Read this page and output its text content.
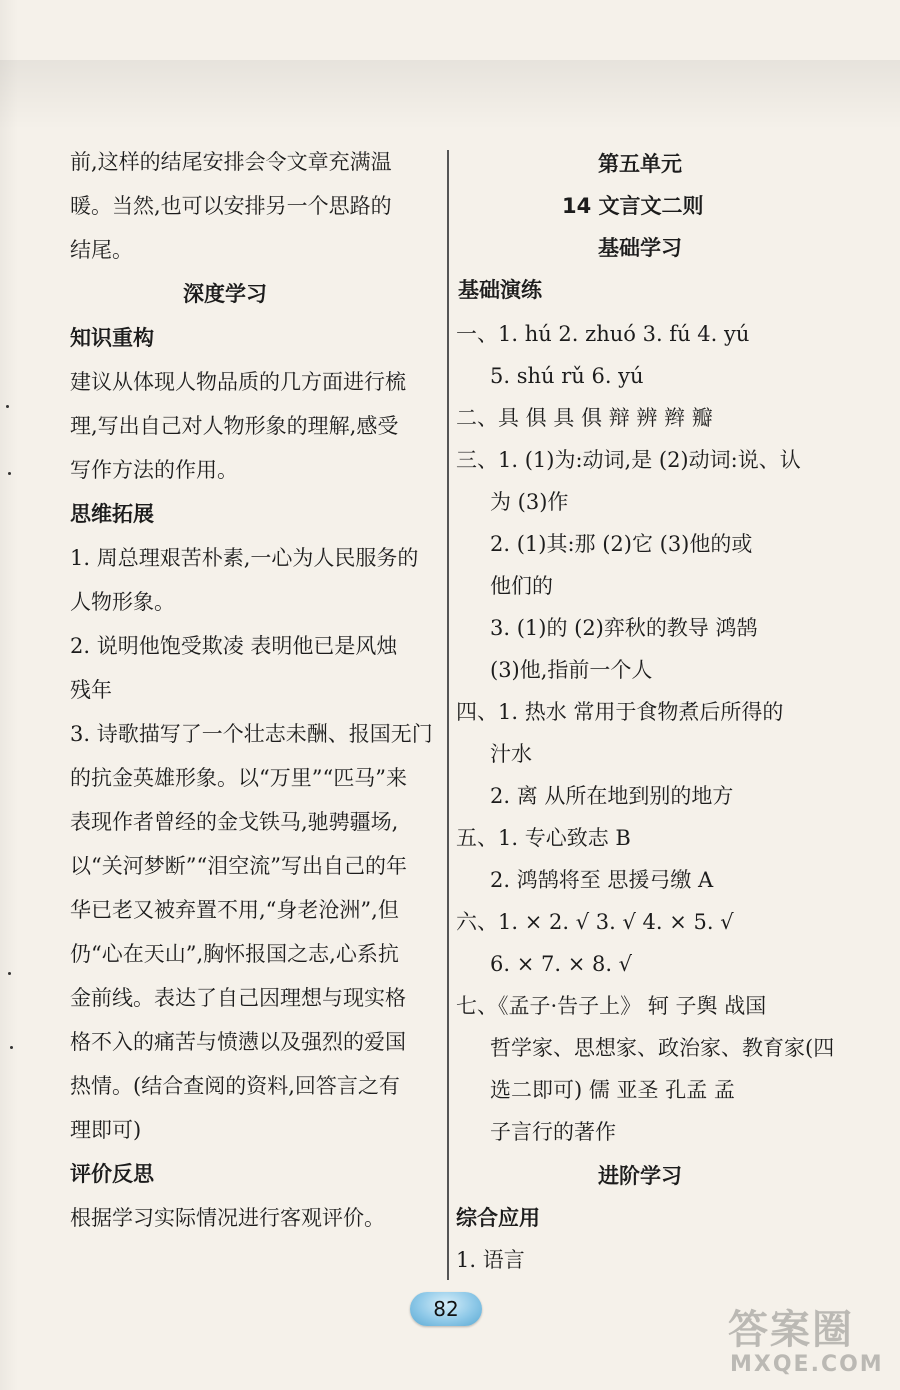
前,这样的结尾安排会令文章充满温
暖。当然,也可以安排另一个思路的
结尾。
深度学习
知识重构
建议从体现人物品质的几方面进行梳
理,写出自己对人物形象的理解,感受
写作方法的作用。
思维拓展
1. 周总理艰苦朴素,一心为人民服务的
人物形象。
2. 说明他饱受欺凌 表明他已是风烛
残年
3. 诗歌描写了一个壮志未酬、报国无门
的抗金英雄形象。以“万里”“匹马”来
表现作者曾经的金戈铁马,驰骋疆场,
以“关河梦断”“泪空流”写出自己的年
华已老又被弃置不用,“身老沧洲”,但
仍“心在天山”,胸怀报国之志,心系抗
金前线。表达了自己因理想与现实格
格不入的痛苦与愤懑以及强烈的爱国
热情。(结合查阅的资料,回答言之有
理即可)
评价反思
根据学习实际情况进行客观评价。
第五单元
14 文言文二则
基础学习
基础演练
一、1. hú 2. zhuó 3. fú 4. yú
5. shú rǔ 6. yú
二、具 俱 具 俱 辩 辨 辫 瓣
三、1. (1)为:动词,是 (2)动词:说、认
为 (3)作
2. (1)其:那 (2)它 (3)他的或
他们的
3. (1)的 (2)弈秋的教导 鸿鹄
(3)他,指前一个人
四、1. 热水 常用于食物煮后所得的
汁水
2. 离 从所在地到别的地方
五、1. 专心致志 B
2. 鸿鹄将至 思援弓缴 A
六、1. × 2. √ 3. √ 4. × 5. √
6. × 7. × 8. √
七、《孟子·告子上》 轲 子舆 战国
哲学家、思想家、政治家、教育家(四
选二即可) 儒 亚圣 孔孟 孟
子言行的著作
进阶学习
综合应用
1. 语言
82	答案圈
MXQE.COM
